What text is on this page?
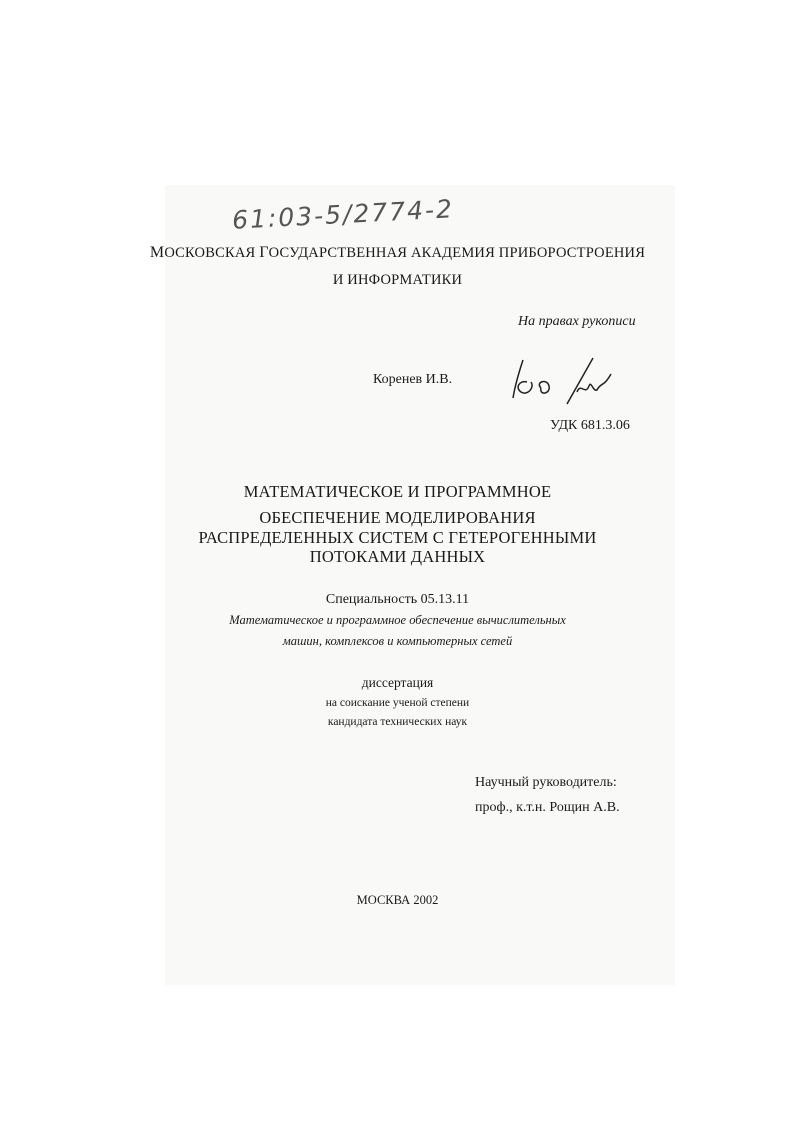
61:03-5/2774-2

МОСКОВСКАЯ ГОСУДАРСТВЕННАЯ АКАДЕМИЯ ПРИБОРОСТРОЕНИЯ

И ИНФОРМАТИКИ

На правах рукописи

Коренев И.В.

УДК 681.3.06

МАТЕМАТИЧЕСКОЕ И ПРОГРАММНОЕ

ОБЕСПЕЧЕНИЕ МОДЕЛИРОВАНИЯ

РАСПРЕДЕЛЕННЫХ СИСТЕМ С ГЕТЕРОГЕННЫМИ

ПОТОКАМИ ДАННЫХ

Специальность 05.13.11

Математическое и программное обеспечение вычислительных

машин, комплексов и компьютерных сетей

диссертация

на соискание ученой степени

кандидата технических наук

Научный руководитель:

проф., к.т.н. Рощин А.В.

МОСКВА 2002
